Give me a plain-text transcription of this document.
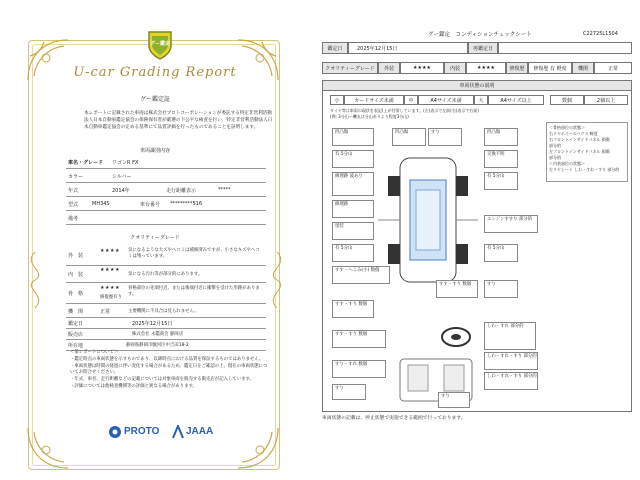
グー鑑定
U-car Grading Report
グー鑑定証
本レポートに記載された車両は株式会社プロトコーポレーションが委託する特定非営利活動法人日本自動車鑑定協会の保険保有者が厳選の下公平な検査を行い、特定非営利活動法人日本自動車鑑定協会の定める基準にて品質評価を行ったものであることを証明します。
車両識別内容
車名・グレード ワゴンR FX
カラー	シルバー
年式	2014年	走行距離表示	*****
型式	MH34S	車台番号 *********516
備考
クオリティーグレード
外　装
★★★★ 気になるような大ズやヘコミは補修済みですが、小さなキズやヘコミは残っています。
内　装
★★★★
気になる汚れ等が部分的にあります。
骨　格
★★★★
修復歴有り
骨格部位の先端付近、または後端付近に衝撃を受けた形跡があります。
機　関	正常	主要機関に不具合は見られません。
鑑定日	2025年12月15日
販売店	株式会社 永鑑商会 静岡店
所在地	静岡県静岡市駿河区中吉田18-2
＜第レポートについて＞
・鑑定時点の車両状態を示すものであり、以降時点における品質を保証するものではありません。
・車両状態は時間の経過に伴い変化する場合があるため、鑑定日をご確認の上、現在の車両状態についてお問合せください。
・年式、車名、走行距離などの記載については対象車両を販売する販売店が記入しています。
・評価については他検査機関等の評価と異なる場合があります。
PROTO	JAAA
グー鑑定　コンディションチェックシート	C22725L1504
鑑定日	2025年12月15日	再鑑定日
クオリティーグレード	外装	★★★★	内装	★★★★	修復歴	修復歴 有 軽度	機関	正常
車両状態の説明
小	カードサイズ未満	中	A4サイズ未満	大	A4サイズ以上	数個	2個以上
タイヤ等は車両の現状を表記(上が付帯しています。(左)表示で左前(右)表示で右前)
(例: 3分山～機丸は分山ありより程度3分山)
凹凸傷
有 5分山
修理跡 波あり
修理跡
塗装
有 5分山
すす・へこみ(小) 数個
すす・すり 数個
すす・すり 数個
凹凸傷	すり	凹凸傷
交換不明
有 5分山
エンジンすすり 部分的
有 5分山
すす・すり 数個	すり
しわ・すれ 部分的
しわ・すれ・すり 部分的
しわ・すれ・すり 部分的
すり・すれ 数個
すり
すり
＜骨格部位の状態＞
右リヤホイールハウス 軽度
右フロントインサイドパネル 損傷
部分的
左フロントインサイドパネル 損傷
部分的
＜内装部位の状態＞
左リヤシート しわ・すれ・すり 部分的
車両状態の記載は、停止状態で実施できる範囲で行っております。
